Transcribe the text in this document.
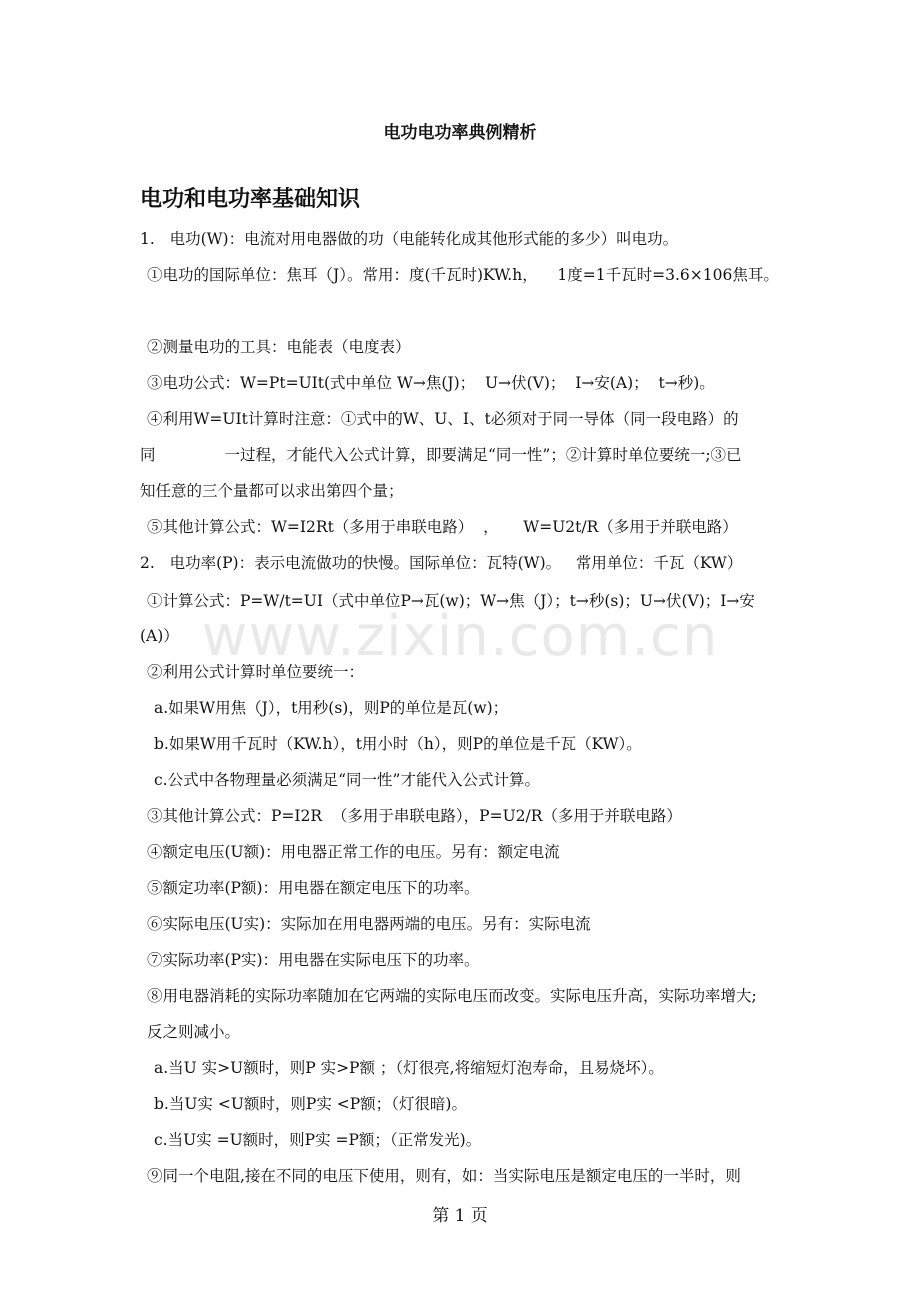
电功电功率典例精析
电功和电功率基础知识
1.   电功(W)：电流对用电器做的功（电能转化成其他形式能的多少）叫电功。
①电功的国际单位：焦耳（J）。常用：度(千瓦时)KW.h，    1度=1千瓦时=3.6×106焦耳。
②测量电功的工具：电能表（电度表）
③电功公式：W=Pt=UIt(式中单位 W→焦(J)；  U→伏(V)；  I→安(A)；  t→秒)。
④利用W=UIt计算时注意：①式中的W、U、I、t必须对于同一导体（同一段电路）的
同              一过程，才能代入公式计算，即要满足“同一性”；②计算时单位要统一;③已
知任意的三个量都可以求出第四个量；
⑤其他计算公式：W=I2Rt（多用于串联电路）  ，     W=U2t/R（多用于并联电路）
2.   电功率(P)：表示电流做功的快慢。国际单位：瓦特(W)。   常用单位：千瓦（KW）
①计算公式：P=W/t=UI（式中单位P→瓦(w)；W→焦（J）；t→秒(s)；U→伏(V)；I→安
(A)）
②利用公式计算时单位要统一：
a.如果W用焦（J），t用秒(s)，则P的单位是瓦(w)；
b.如果W用千瓦时（KW.h），t用小时（h），则P的单位是千瓦（KW）。
c.公式中各物理量必须满足“同一性”才能代入公式计算。
③其他计算公式：P=I2R  （多用于串联电路），P=U2/R（多用于并联电路）
④额定电压(U额)：用电器正常工作的电压。另有：额定电流
⑤额定功率(P额)：用电器在额定电压下的功率。
⑥实际电压(U实)：实际加在用电器两端的电压。另有：实际电流
⑦实际功率(P实)：用电器在实际电压下的功率。
⑧用电器消耗的实际功率随加在它两端的实际电压而改变。实际电压升高，实际功率增大;
反之则减小。
a.当U 实>U额时，则P 实>P额 ；（灯很亮,将缩短灯泡寿命，且易烧坏）。
b.当U实 <U额时，则P实 <P额；（灯很暗)。
c.当U实 =U额时，则P实 =P额；（正常发光)。
⑨同一个电阻,接在不同的电压下使用，则有，如：当实际电压是额定电压的一半时，则
www.zixin.com.cn
第 1 页
